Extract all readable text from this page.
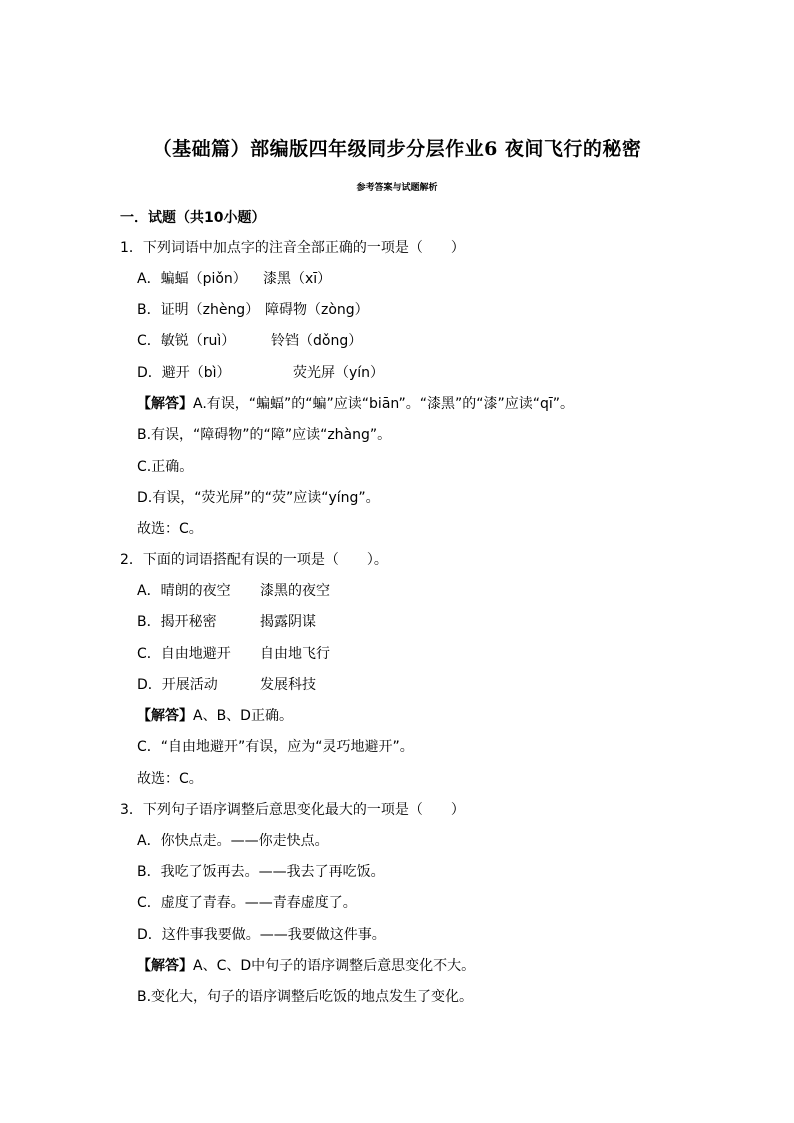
（基础篇）部编版四年级同步分层作业6 夜间飞行的秘密
参考答案与试题解析
一．试题（共10小题）
1．下列词语中加点字的注音全部正确的一项是（　　）
A．蝙蝠（piǒn） 漆黑（xī）
B．证明（zhèng） 障碍物（zòng）
C．敏锐（ruì）	铃铛（dǒng）
D．避开（bì）	荧光屏（yín）
【解答】A.有误，“蝙蝠”的“蝙”应读“biān”。“漆黑”的“漆”应读“qī”。
B.有误，“障碍物”的“障”应读“zhàng”。
C.正确。
D.有误，“荧光屏”的“荧”应读“yíng”。
故选：C。
2．下面的词语搭配有误的一项是（　　）。
A．晴朗的夜空 漆黑的夜空
B．揭开秘密	揭露阴谋
C．自由地避开 自由地飞行
D．开展活动	发展科技
【解答】A、B、D正确。
C．“自由地避开”有误，应为“灵巧地避开”。
故选：C。
3．下列句子语序调整后意思变化最大的一项是（　　）
A．你快点走。——你走快点。
B．我吃了饭再去。——我去了再吃饭。
C．虚度了青春。——青春虚度了。
D．这件事我要做。——我要做这件事。
【解答】A、C、D中句子的语序调整后意思变化不大。
B.变化大，句子的语序调整后吃饭的地点发生了变化。
